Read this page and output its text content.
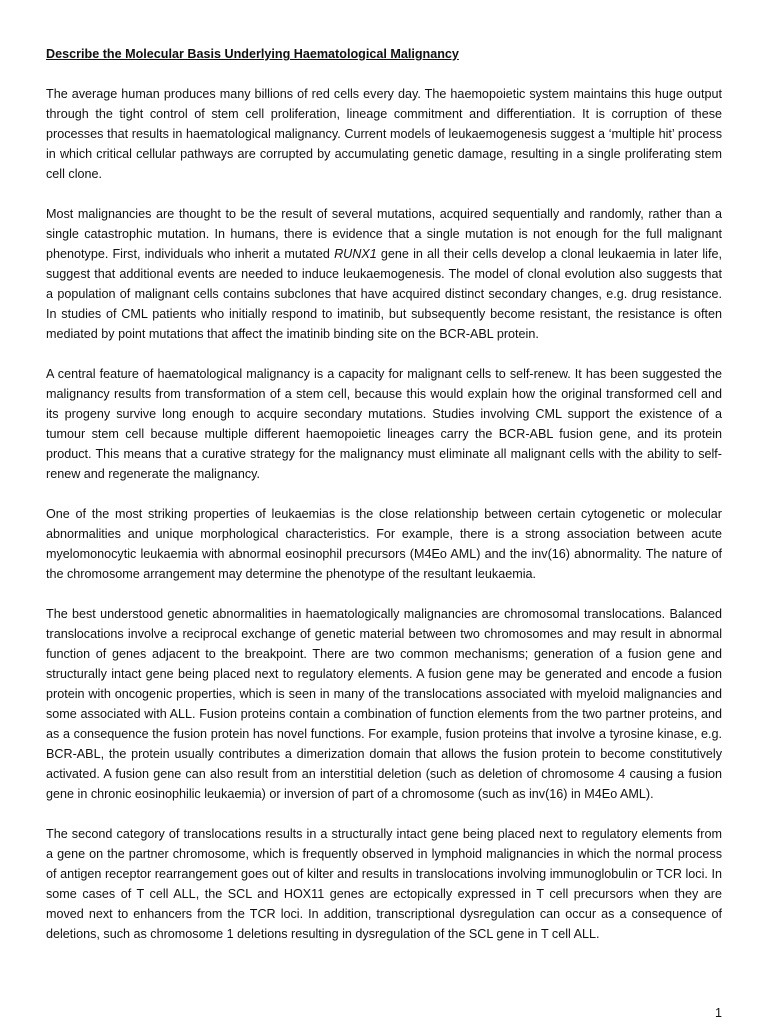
Describe the Molecular Basis Underlying Haematological Malignancy

The average human produces many billions of red cells every day. The haemopoietic system maintains this huge output through the tight control of stem cell proliferation, lineage commitment and differentiation. It is corruption of these processes that results in haematological malignancy. Current models of leukaemogenesis suggest a ‘multiple hit’ process in which critical cellular pathways are corrupted by accumulating genetic damage, resulting in a single proliferating stem cell clone.

Most malignancies are thought to be the result of several mutations, acquired sequentially and randomly, rather than a single catastrophic mutation. In humans, there is evidence that a single mutation is not enough for the full malignant phenotype. First, individuals who inherit a mutated RUNX1 gene in all their cells develop a clonal leukaemia in later life, suggest that additional events are needed to induce leukaemogenesis. The model of clonal evolution also suggests that a population of malignant cells contains subclones that have acquired distinct secondary changes, e.g. drug resistance. In studies of CML patients who initially respond to imatinib, but subsequently become resistant, the resistance is often mediated by point mutations that affect the imatinib binding site on the BCR-ABL protein.

A central feature of haematological malignancy is a capacity for malignant cells to self-renew. It has been suggested the malignancy results from transformation of a stem cell, because this would explain how the original transformed cell and its progeny survive long enough to acquire secondary mutations. Studies involving CML support the existence of a tumour stem cell because multiple different haemopoietic lineages carry the BCR-ABL fusion gene, and its protein product. This means that a curative strategy for the malignancy must eliminate all malignant cells with the ability to self-renew and regenerate the malignancy.

One of the most striking properties of leukaemias is the close relationship between certain cytogenetic or molecular abnormalities and unique morphological characteristics. For example, there is a strong association between acute myelomonocytic leukaemia with abnormal eosinophil precursors (M4Eo AML) and the inv(16) abnormality. The nature of the chromosome arrangement may determine the phenotype of the resultant leukaemia.

The best understood genetic abnormalities in haematologically malignancies are chromosomal translocations. Balanced translocations involve a reciprocal exchange of genetic material between two chromosomes and may result in abnormal function of genes adjacent to the breakpoint. There are two common mechanisms; generation of a fusion gene and structurally intact gene being placed next to regulatory elements. A fusion gene may be generated and encode a fusion protein with oncogenic properties, which is seen in many of the translocations associated with myeloid malignancies and some associated with ALL. Fusion proteins contain a combination of function elements from the two partner proteins, and as a consequence the fusion protein has novel functions. For example, fusion proteins that involve a tyrosine kinase, e.g. BCR-ABL, the protein usually contributes a dimerization domain that allows the fusion protein to become constitutively activated. A fusion gene can also result from an interstitial deletion (such as deletion of chromosome 4 causing a fusion gene in chronic eosinophilic leukaemia) or inversion of part of a chromosome (such as inv(16) in M4Eo AML).

The second category of translocations results in a structurally intact gene being placed next to regulatory elements from a gene on the partner chromosome, which is frequently observed in lymphoid malignancies in which the normal process of antigen receptor rearrangement goes out of kilter and results in translocations involving immunoglobulin or TCR loci. In some cases of T cell ALL, the SCL and HOX11 genes are ectopically expressed in T cell precursors when they are moved next to enhancers from the TCR loci. In addition, transcriptional dysregulation can occur as a consequence of deletions, such as chromosome 1 deletions resulting in dysregulation of the SCL gene in T cell ALL.

1
